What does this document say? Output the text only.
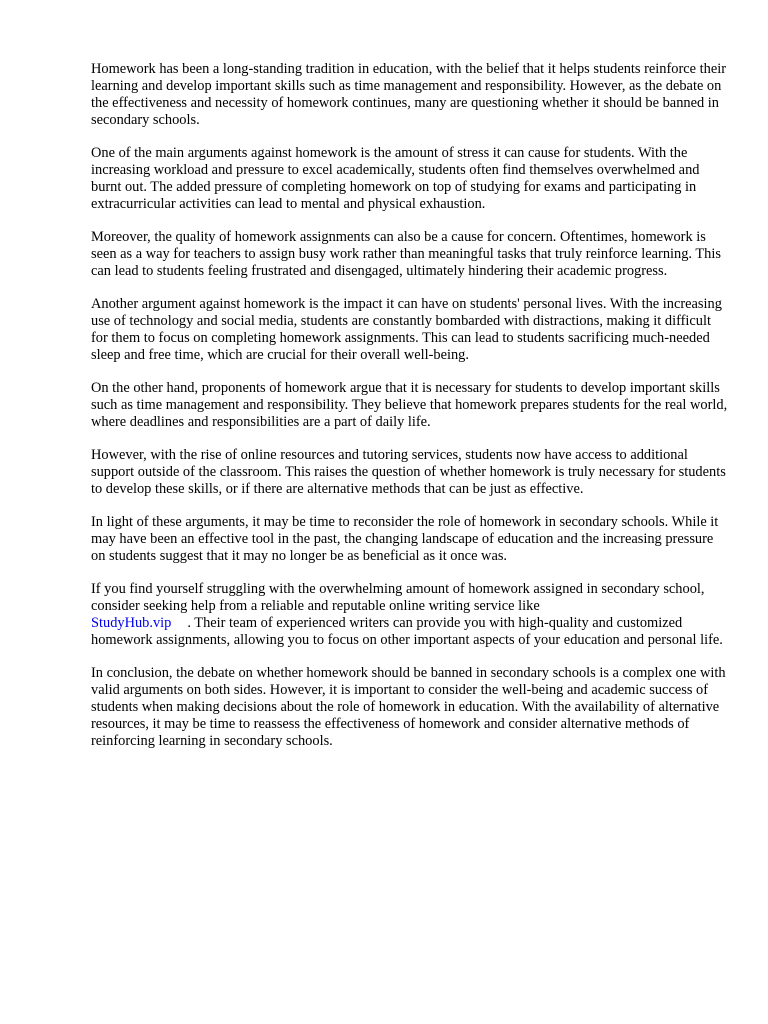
Homework has been a long-standing tradition in education, with the belief that it helps students reinforce their learning and develop important skills such as time management and responsibility. However, as the debate on the effectiveness and necessity of homework continues, many are questioning whether it should be banned in secondary schools.

One of the main arguments against homework is the amount of stress it can cause for students. With the increasing workload and pressure to excel academically, students often find themselves overwhelmed and burnt out. The added pressure of completing homework on top of studying for exams and participating in extracurricular activities can lead to mental and physical exhaustion.

Moreover, the quality of homework assignments can also be a cause for concern. Oftentimes, homework is seen as a way for teachers to assign busy work rather than meaningful tasks that truly reinforce learning. This can lead to students feeling frustrated and disengaged, ultimately hindering their academic progress.

Another argument against homework is the impact it can have on students' personal lives. With the increasing use of technology and social media, students are constantly bombarded with distractions, making it difficult for them to focus on completing homework assignments. This can lead to students sacrificing much-needed sleep and free time, which are crucial for their overall well-being.

On the other hand, proponents of homework argue that it is necessary for students to develop important skills such as time management and responsibility. They believe that homework prepares students for the real world, where deadlines and responsibilities are a part of daily life.

However, with the rise of online resources and tutoring services, students now have access to additional support outside of the classroom. This raises the question of whether homework is truly necessary for students to develop these skills, or if there are alternative methods that can be just as effective.

In light of these arguments, it may be time to reconsider the role of homework in secondary schools. While it may have been an effective tool in the past, the changing landscape of education and the increasing pressure on students suggest that it may no longer be as beneficial as it once was.

If you find yourself struggling with the overwhelming amount of homework assigned in secondary school, consider seeking help from a reliable and reputable online writing service like
StudyHub.vip . Their team of experienced writers can provide you with high-quality and customized homework assignments, allowing you to focus on other important aspects of your education and personal life.

In conclusion, the debate on whether homework should be banned in secondary schools is a complex one with valid arguments on both sides. However, it is important to consider the well-being and academic success of students when making decisions about the role of homework in education. With the availability of alternative resources, it may be time to reassess the effectiveness of homework and consider alternative methods of reinforcing learning in secondary schools.
